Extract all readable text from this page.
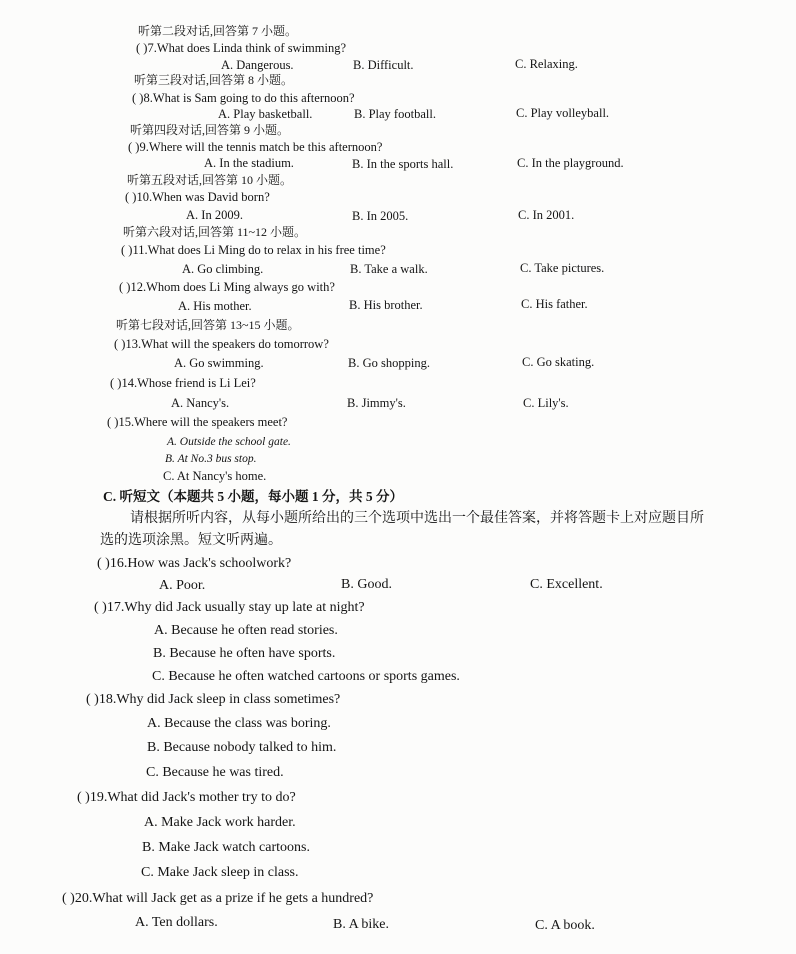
听第二段对话,回答第 7 小题。
( )7.What does Linda think of swimming?
A. Dangerous.	B. Difficult.	C. Relaxing.
听第三段对话,回答第 8 小题。
( )8.What is Sam going to do this afternoon?
A. Play basketball.	B. Play football.	C. Play volleyball.
听第四段对话,回答第 9 小题。
( )9.Where will the tennis match be this afternoon?
A. In the stadium.	B. In the sports hall.	C. In the playground.
听第五段对话,回答第 10 小题。
( )10.When was David born?
A. In 2009.	B. In 2005.	C. In 2001.
听第六段对话,回答第 11~12 小题。
( )11.What does Li Ming do to relax in his free time?
A. Go climbing.	B. Take a walk.	C. Take pictures.
( )12.Whom does Li Ming always go with?
A. His mother.	B. His brother.	C. His father.
听第七段对话,回答第 13~15 小题。
( )13.What will the speakers do tomorrow?
A. Go swimming.	B. Go shopping.	C. Go skating.
( )14.Whose friend is Li Lei?
A. Nancy's.	B. Jimmy's.	C. Lily's.
( )15.Where will the speakers meet?
A. Outside the school gate.
B. At No.3 bus stop.
C. At Nancy's home.
C. 听短文（本题共 5 小题，每小题 1 分，共 5 分）
请根据所听内容，从每小题所给出的三个选项中选出一个最佳答案，并将答题卡上对应题目所
选的选项涂黑。短文听两遍。
( )16.How was Jack's schoolwork?
A. Poor.	B. Good.	C. Excellent.
( )17.Why did Jack usually stay up late at night?
A. Because he often read stories.
B. Because he often have sports.
C. Because he often watched cartoons or sports games.
( )18.Why did Jack sleep in class sometimes?
A. Because the class was boring.
B. Because nobody talked to him.
C. Because he was tired.
( )19.What did Jack's mother try to do?
A. Make Jack work harder.
B. Make Jack watch cartoons.
C. Make Jack sleep in class.
( )20.What will Jack get as a prize if he gets a hundred?
A. Ten dollars.	B. A bike.	C. A book.
